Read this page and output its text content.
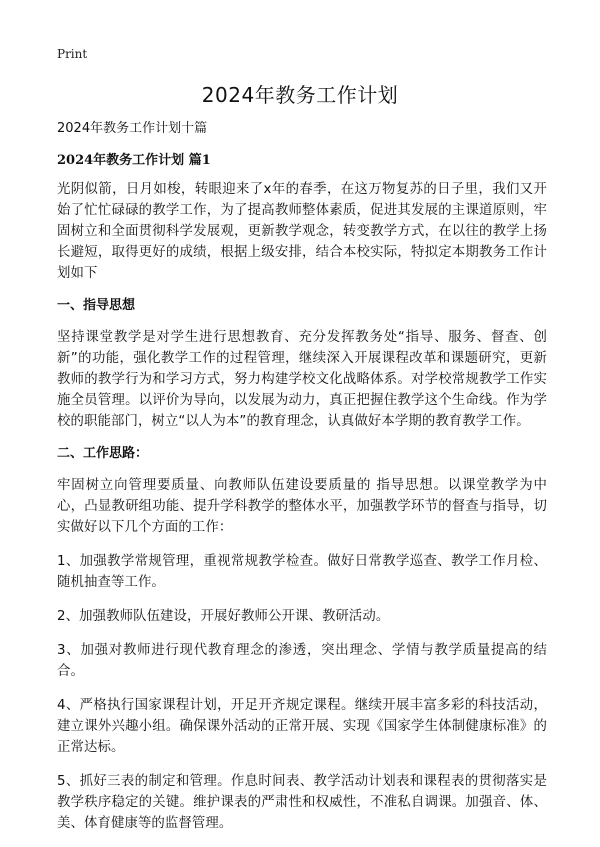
Print

2024年教务工作计划

2024年教务工作计划十篇

2024年教务工作计划 篇1

光阴似箭，日月如梭，转眼迎来了x年的春季，在这万物复苏的日子里，我们又开始了忙忙碌碌的教学工作，为了提高教师整体素质，促进其发展的主课道原则，牢固树立和全面贯彻科学发展观，更新教学观念，转变教学方式，在以往的教学上扬长避短，取得更好的成绩，根据上级安排，结合本校实际，特拟定本期教务工作计划如下

一、指导思想

坚持课堂教学是对学生进行思想教育、充分发挥教务处“指导、服务、督查、创新”的功能，强化教学工作的过程管理，继续深入开展课程改革和课题研究，更新教师的教学行为和学习方式，努力构建学校文化战略体系。对学校常规教学工作实施全员管理。以评价为导向，以发展为动力，真正把握住教学这个生命线。作为学校的职能部门，树立“以人为本”的教育理念，认真做好本学期的教育教学工作。

二、工作思路：

牢固树立向管理要质量、向教师队伍建设要质量的 指导思想。以课堂教学为中心，凸显教研组功能、提升学科教学的整体水平，加强教学环节的督查与指导，切实做好以下几个方面的工作：

1、加强教学常规管理，重视常规教学检查。做好日常教学巡查、教学工作月检、随机抽查等工作。

2、加强教师队伍建设，开展好教师公开课、教研活动。

3、加强对教师进行现代教育理念的渗透，突出理念、学情与教学质量提高的结合。

4、严格执行国家课程计划，开足开齐规定课程。继续开展丰富多彩的科技活动，建立课外兴趣小组。确保课外活动的正常开展、实现《国家学生体制健康标准》的正常达标。

5、抓好三表的制定和管理。作息时间表、教学活动计划表和课程表的贯彻落实是教学秩序稳定的关键。维护课表的严肃性和权威性，不准私自调课。加强音、体、美、体育健康等的监督管理。
